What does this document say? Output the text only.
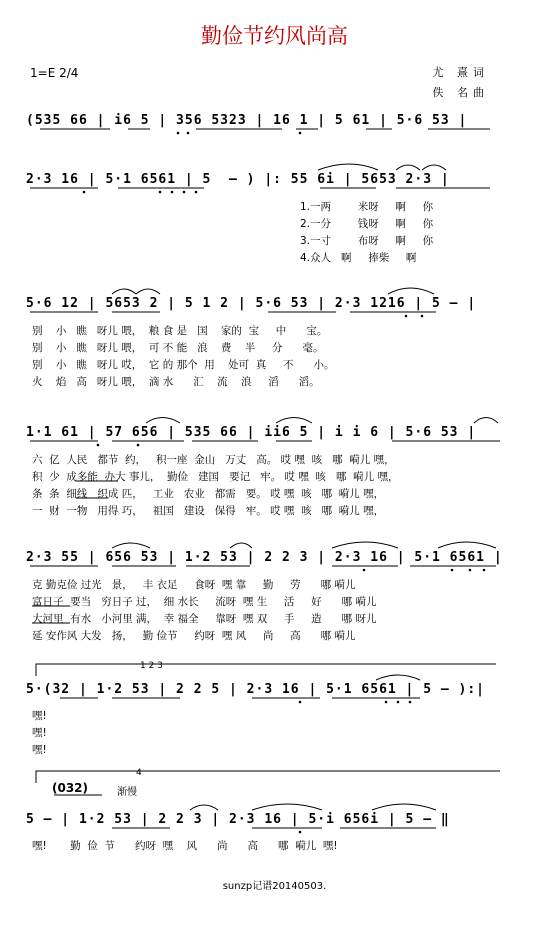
勤俭节约风尚高
1=E 2/4	尤 熹词
佚 名曲
(535 66 | i6 5 | 356 5323 | 16 1 | 5 61 | 5·6 53 |
2·3 16 | 5·1 6561 | 5  – ) |: 55 6i | 5653 2·3 |
1.一两        米呀     啊     你
2.一分        钱呀     啊     你
3.一寸        布呀     啊     你
4.众人   啊     捧柴     啊
5·6 12 | 5653 2 | 5 1 2 | 5·6 53 | 2·3 1216 | 5 – |
别    小   瞧   呀儿 喂，  粮 食 是   国    家的  宝     中      宝。
别    小   瞧   呀儿 喂，  可 不 能   浪    费    半     分      毫。
别    小   瞧   呀儿 哎，  它 的 那个  用    处可  真     不      小。
火    焰   高   呀儿 喂，  滴 水      汇    流    浪     滔      滔。
1·1 61 | 57 656 | 535 66 | ii6 5 | i i 6 | 5·6 53 |
六  亿  人民   都节  约，   积一座  金山   万丈   高。 哎 嘿  咳   哪  嗬儿 嘿，
积  少  成多能  办大 事儿，  勤俭   建国   要记   牢。 哎 嘿  咳   哪  嗬儿 嘿，
条  条  细线   织成 匹，   工业   农业   都需   要。 哎 嘿  咳   哪  嗬儿 嘿，
一  财  一物   用得 巧，   祖国   建设   保得   牢。 哎 嘿  咳   哪  嗬儿 嘿，
2·3 55 | 656 53 | 1·2 53 | 2 2 3 | 2·3 16 | 5·1 6561 |
克 勤克俭 过光   景，   丰 衣足     食呀  嘿 靠     勤     劳      哪 嗬儿
富日子  要当   穷日子 过，  细 水长     流呀  嘿 生     活     好      哪 嗬儿
大河里  有水   小河里 满，  幸 福全     靠呀  嘿 双     手     造      哪 呀儿
延 安作风 大发   扬，   勤 俭节     约呀  嘿 风     尚     高      哪 嗬儿
1 2 3
5·(32 | 1·2 53 | 2 2 5 | 2·3 16 | 5·1 6561 | 5 – ):|
嘿!
嘿!
嘿!
4
(032)	渐慢
5 – | 1·2 53 | 2 2 3 | 2·3 16 | 5·i 656i | 5 – ‖
嘿!       勤  俭  节      约呀  嘿    风      尚      高      哪  嗬儿  嘿!
sunzp记谱20140503.
